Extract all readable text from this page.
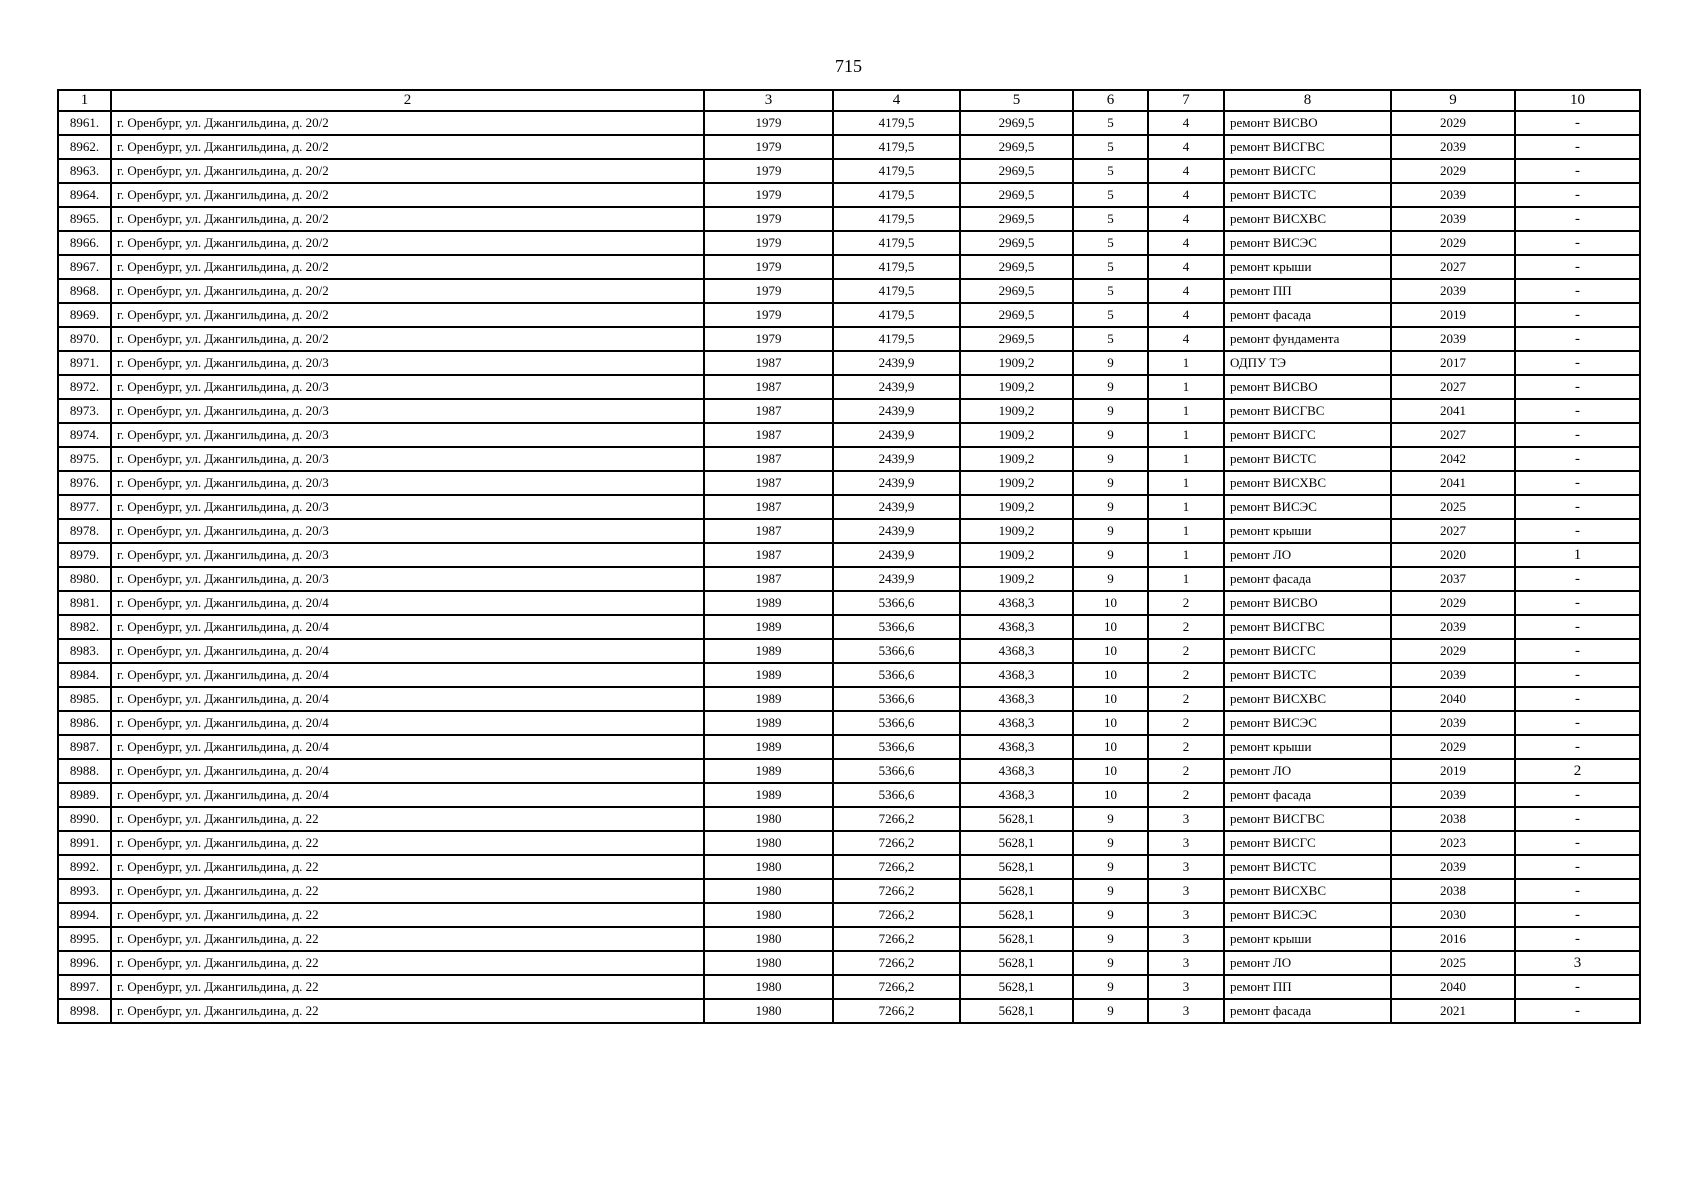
715
1	2	3	4	5	6	7	8	9	10
8961.	г. Оренбург, ул. Джангильдина, д. 20/2	1979	4179,5	2969,5	5	4	ремонт ВИСВО	2029	-
8962.	г. Оренбург, ул. Джангильдина, д. 20/2	1979	4179,5	2969,5	5	4	ремонт ВИСГВС	2039	-
8963.	г. Оренбург, ул. Джангильдина, д. 20/2	1979	4179,5	2969,5	5	4	ремонт ВИСГС	2029	-
8964.	г. Оренбург, ул. Джангильдина, д. 20/2	1979	4179,5	2969,5	5	4	ремонт ВИСТС	2039	-
8965.	г. Оренбург, ул. Джангильдина, д. 20/2	1979	4179,5	2969,5	5	4	ремонт ВИСХВС	2039	-
8966.	г. Оренбург, ул. Джангильдина, д. 20/2	1979	4179,5	2969,5	5	4	ремонт ВИСЭС	2029	-
8967.	г. Оренбург, ул. Джангильдина, д. 20/2	1979	4179,5	2969,5	5	4	ремонт крыши	2027	-
8968.	г. Оренбург, ул. Джангильдина, д. 20/2	1979	4179,5	2969,5	5	4	ремонт ПП	2039	-
8969.	г. Оренбург, ул. Джангильдина, д. 20/2	1979	4179,5	2969,5	5	4	ремонт фасада	2019	-
8970.	г. Оренбург, ул. Джангильдина, д. 20/2	1979	4179,5	2969,5	5	4	ремонт фундамента	2039	-
8971.	г. Оренбург, ул. Джангильдина, д. 20/3	1987	2439,9	1909,2	9	1	ОДПУ ТЭ	2017	-
8972.	г. Оренбург, ул. Джангильдина, д. 20/3	1987	2439,9	1909,2	9	1	ремонт ВИСВО	2027	-
8973.	г. Оренбург, ул. Джангильдина, д. 20/3	1987	2439,9	1909,2	9	1	ремонт ВИСГВС	2041	-
8974.	г. Оренбург, ул. Джангильдина, д. 20/3	1987	2439,9	1909,2	9	1	ремонт ВИСГС	2027	-
8975.	г. Оренбург, ул. Джангильдина, д. 20/3	1987	2439,9	1909,2	9	1	ремонт ВИСТС	2042	-
8976.	г. Оренбург, ул. Джангильдина, д. 20/3	1987	2439,9	1909,2	9	1	ремонт ВИСХВС	2041	-
8977.	г. Оренбург, ул. Джангильдина, д. 20/3	1987	2439,9	1909,2	9	1	ремонт ВИСЭС	2025	-
8978.	г. Оренбург, ул. Джангильдина, д. 20/3	1987	2439,9	1909,2	9	1	ремонт крыши	2027	-
8979.	г. Оренбург, ул. Джангильдина, д. 20/3	1987	2439,9	1909,2	9	1	ремонт ЛО	2020	1
8980.	г. Оренбург, ул. Джангильдина, д. 20/3	1987	2439,9	1909,2	9	1	ремонт фасада	2037	-
8981.	г. Оренбург, ул. Джангильдина, д. 20/4	1989	5366,6	4368,3	10	2	ремонт ВИСВО	2029	-
8982.	г. Оренбург, ул. Джангильдина, д. 20/4	1989	5366,6	4368,3	10	2	ремонт ВИСГВС	2039	-
8983.	г. Оренбург, ул. Джангильдина, д. 20/4	1989	5366,6	4368,3	10	2	ремонт ВИСГС	2029	-
8984.	г. Оренбург, ул. Джангильдина, д. 20/4	1989	5366,6	4368,3	10	2	ремонт ВИСТС	2039	-
8985.	г. Оренбург, ул. Джангильдина, д. 20/4	1989	5366,6	4368,3	10	2	ремонт ВИСХВС	2040	-
8986.	г. Оренбург, ул. Джангильдина, д. 20/4	1989	5366,6	4368,3	10	2	ремонт ВИСЭС	2039	-
8987.	г. Оренбург, ул. Джангильдина, д. 20/4	1989	5366,6	4368,3	10	2	ремонт крыши	2029	-
8988.	г. Оренбург, ул. Джангильдина, д. 20/4	1989	5366,6	4368,3	10	2	ремонт ЛО	2019	2
8989.	г. Оренбург, ул. Джангильдина, д. 20/4	1989	5366,6	4368,3	10	2	ремонт фасада	2039	-
8990.	г. Оренбург, ул. Джангильдина, д. 22	1980	7266,2	5628,1	9	3	ремонт ВИСГВС	2038	-
8991.	г. Оренбург, ул. Джангильдина, д. 22	1980	7266,2	5628,1	9	3	ремонт ВИСГС	2023	-
8992.	г. Оренбург, ул. Джангильдина, д. 22	1980	7266,2	5628,1	9	3	ремонт ВИСТС	2039	-
8993.	г. Оренбург, ул. Джангильдина, д. 22	1980	7266,2	5628,1	9	3	ремонт ВИСХВС	2038	-
8994.	г. Оренбург, ул. Джангильдина, д. 22	1980	7266,2	5628,1	9	3	ремонт ВИСЭС	2030	-
8995.	г. Оренбург, ул. Джангильдина, д. 22	1980	7266,2	5628,1	9	3	ремонт крыши	2016	-
8996.	г. Оренбург, ул. Джангильдина, д. 22	1980	7266,2	5628,1	9	3	ремонт ЛО	2025	3
8997.	г. Оренбург, ул. Джангильдина, д. 22	1980	7266,2	5628,1	9	3	ремонт ПП	2040	-
8998.	г. Оренбург, ул. Джангильдина, д. 22	1980	7266,2	5628,1	9	3	ремонт фасада	2021	-
